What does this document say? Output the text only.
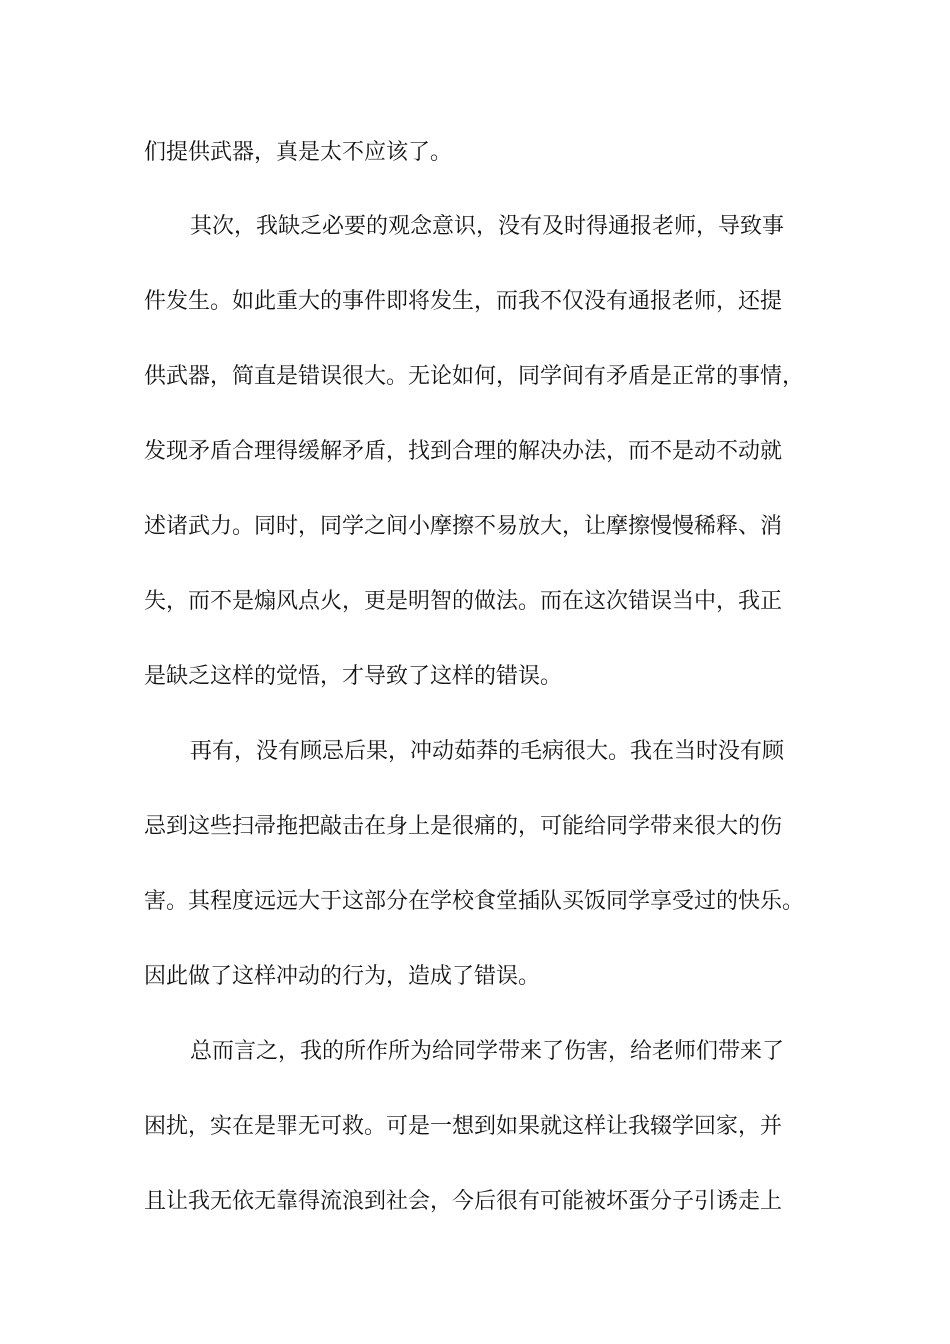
们提供武器，真是太不应该了。
其次，我缺乏必要的观念意识，没有及时得通报老师，导致事
件发生。如此重大的事件即将发生，而我不仅没有通报老师，还提
供武器，简直是错误很大。无论如何，同学间有矛盾是正常的事情，
发现矛盾合理得缓解矛盾，找到合理的解决办法，而不是动不动就
述诸武力。同时，同学之间小摩擦不易放大，让摩擦慢慢稀释、消
失，而不是煽风点火，更是明智的做法。而在这次错误当中，我正
是缺乏这样的觉悟，才导致了这样的错误。
再有，没有顾忌后果，冲动茹莽的毛病很大。我在当时没有顾
忌到这些扫帚拖把敲击在身上是很痛的，可能给同学带来很大的伤
害。其程度远远大于这部分在学校食堂插队买饭同学享受过的快乐。
因此做了这样冲动的行为，造成了错误。
总而言之，我的所作所为给同学带来了伤害，给老师们带来了
困扰，实在是罪无可救。可是一想到如果就这样让我辍学回家，并
且让我无依无靠得流浪到社会，今后很有可能被坏蛋分子引诱走上
